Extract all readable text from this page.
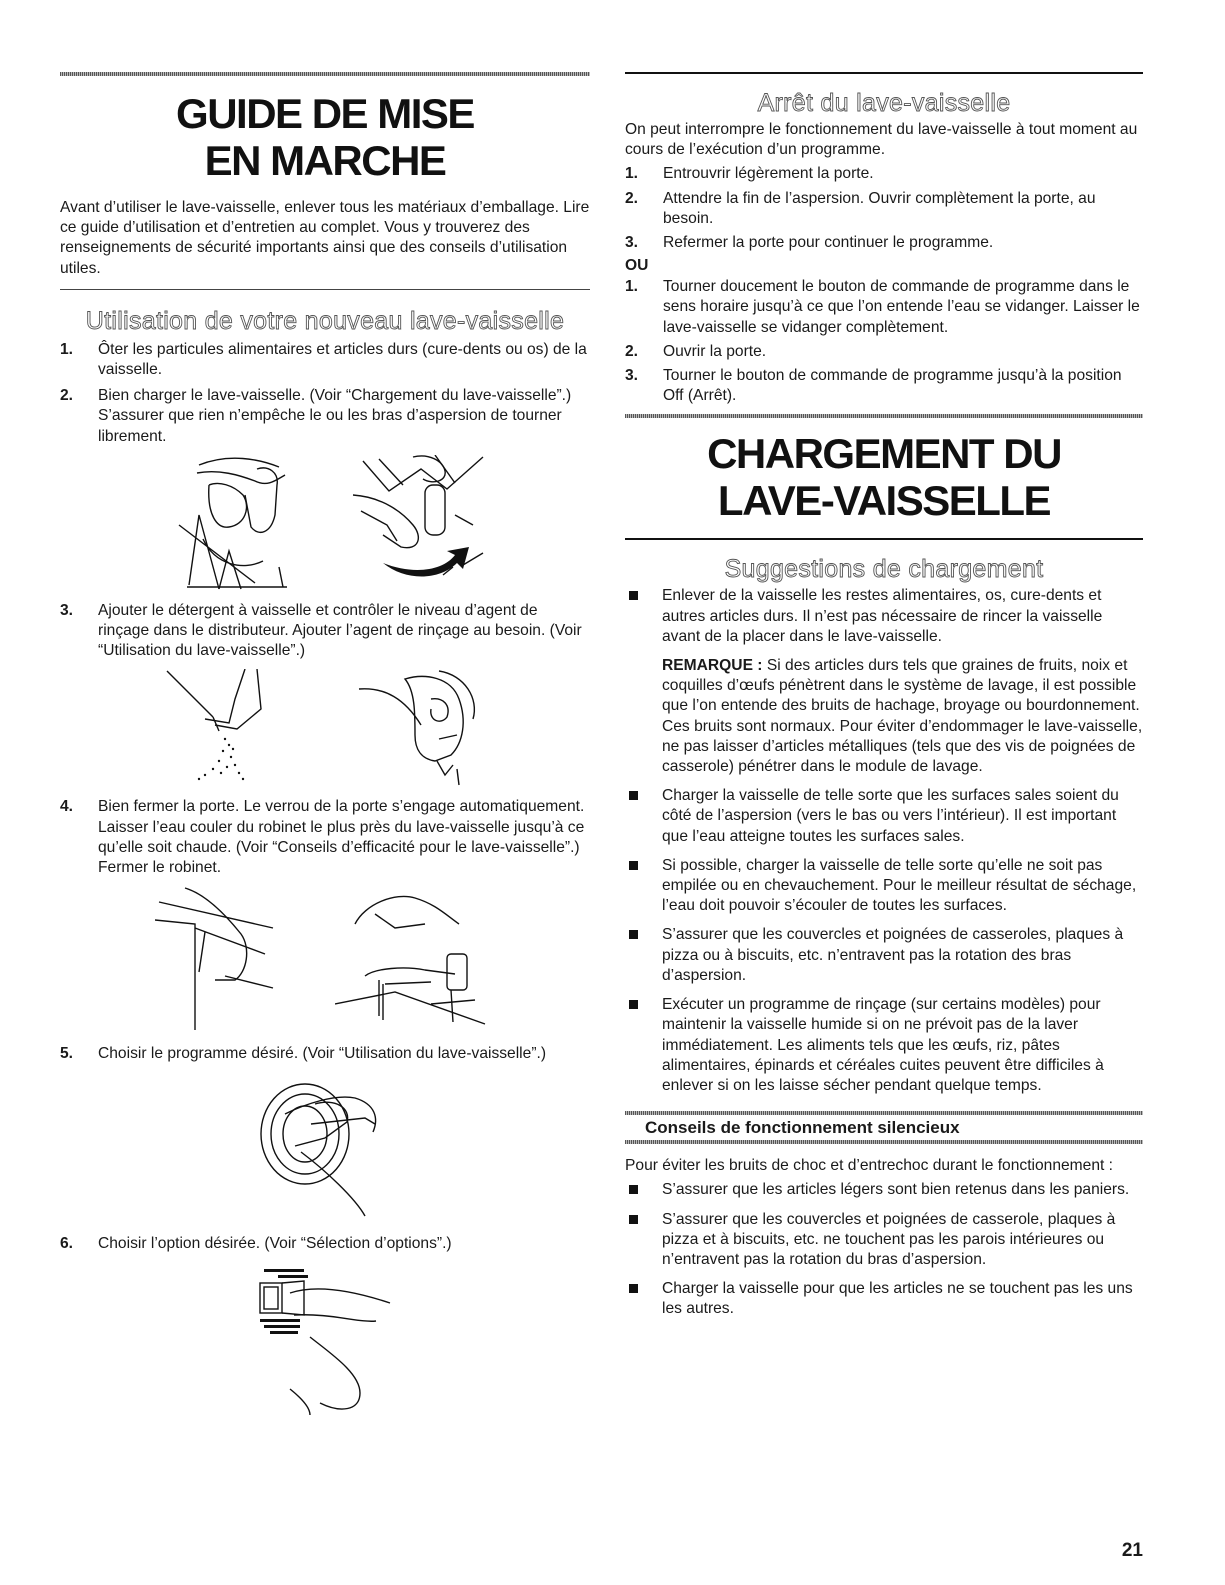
GUIDE DE MISE
EN MARCHE

Avant d’utiliser le lave-vaisselle, enlever tous les matériaux d’emballage. Lire ce guide d’utilisation et d’entretien au complet. Vous y trouverez des renseignements de sécurité importants ainsi que des conseils d’utilisation utiles.

Utilisation de votre nouveau lave-vaisselle
1. Ôter les particules alimentaires et articles durs (cure-dents ou os) de la vaisselle.
2. Bien charger le lave-vaisselle. (Voir “Chargement du lave-vaisselle”.) S’assurer que rien n’empêche le ou les bras d’aspersion de tourner librement.
3. Ajouter le détergent à vaisselle et contrôler le niveau d’agent de rinçage dans le distributeur. Ajouter l’agent de rinçage au besoin. (Voir “Utilisation du lave-vaisselle”.)
4. Bien fermer la porte. Le verrou de la porte s’engage automatiquement. Laisser l’eau couler du robinet le plus près du lave-vaisselle jusqu’à ce qu’elle soit chaude. (Voir “Conseils d’efficacité pour le lave-vaisselle”.) Fermer le robinet.
5. Choisir le programme désiré. (Voir “Utilisation du lave-vaisselle”.)
6. Choisir l’option désirée. (Voir “Sélection d’options”.)
Arrêt du lave-vaisselle

On peut interrompre le fonctionnement du lave-vaisselle à tout moment au cours de l’exécution d’un programme.

1. Entrouvrir légèrement la porte.
2. Attendre la fin de l’aspersion. Ouvrir complètement la porte, au besoin.
3. Refermer la porte pour continuer le programme.
OU
1. Tourner doucement le bouton de commande de programme dans le sens horaire jusqu’à ce que l’on entende l’eau se vidanger. Laisser le lave-vaisselle se vidanger complètement.
2. Ouvrir la porte.
3. Tourner le bouton de commande de programme jusqu’à la position Off (Arrêt).
CHARGEMENT DU
LAVE-VAISSELLE
Suggestions de chargement
Enlever de la vaisselle les restes alimentaires, os, cure-dents et autres articles durs. Il n’est pas nécessaire de rincer la vaisselle avant de la placer dans le lave-vaisselle.

REMARQUE : Si des articles durs tels que graines de fruits, noix et coquilles d’œufs pénètrent dans le système de lavage, il est possible que l’on entende des bruits de hachage, broyage ou bourdonnement. Ces bruits sont normaux. Pour éviter d’endommager le lave-vaisselle, ne pas laisser d’articles métalliques (tels que des vis de poignées de casserole) pénétrer dans le module de lavage.

Charger la vaisselle de telle sorte que les surfaces sales soient du côté de l’aspersion (vers le bas ou vers l’intérieur). Il est important que l’eau atteigne toutes les surfaces sales.
Si possible, charger la vaisselle de telle sorte qu’elle ne soit pas empilée ou en chevauchement. Pour le meilleur résultat de séchage, l’eau doit pouvoir s’écouler de toutes les surfaces.
S’assurer que les couvercles et poignées de casseroles, plaques à pizza ou à biscuits, etc. n’entravent pas la rotation des bras d’aspersion.
Exécuter un programme de rinçage (sur certains modèles) pour maintenir la vaisselle humide si on ne prévoit pas de la laver immédiatement. Les aliments tels que les œufs, riz, pâtes alimentaires, épinards et céréales cuites peuvent être difficiles à enlever si on les laisse sécher pendant quelque temps.
Conseils de fonctionnement silencieux

Pour éviter les bruits de choc et d’entrechoc durant le fonctionnement :

S’assurer que les articles légers sont bien retenus dans les paniers.
S’assurer que les couvercles et poignées de casserole, plaques à pizza et à biscuits, etc. ne touchent pas les parois intérieures ou n’entravent pas la rotation du bras d’aspersion.
Charger la vaisselle pour que les articles ne se touchent pas les uns les autres.
21
